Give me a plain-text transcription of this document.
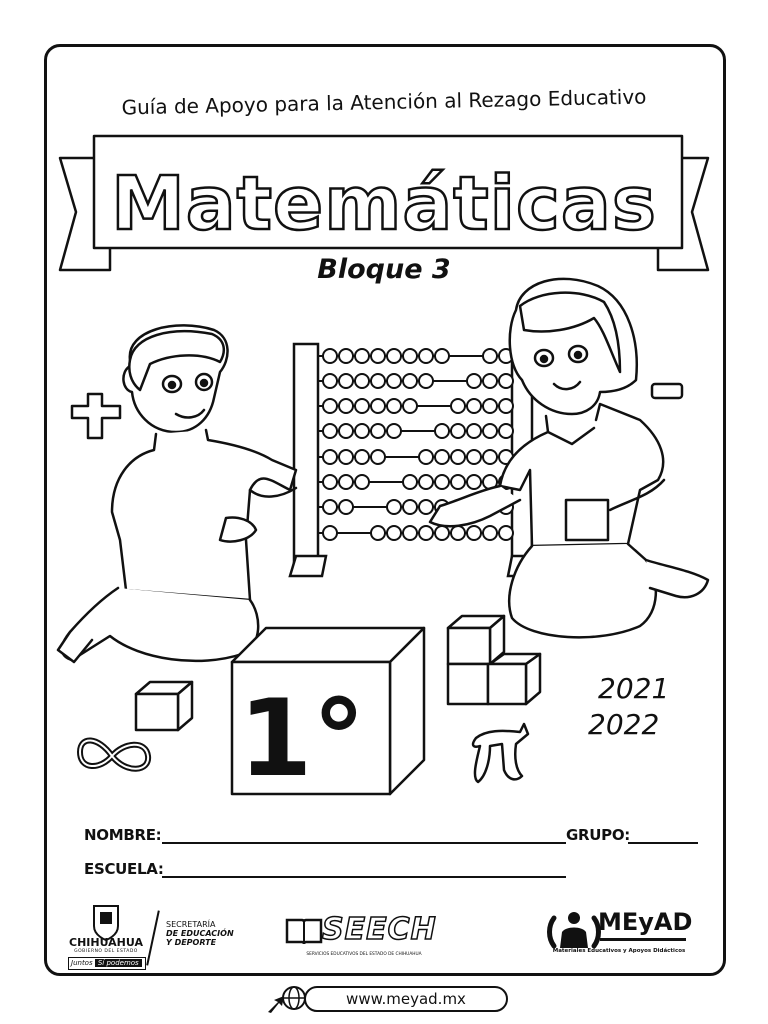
Guía de Apoyo para la Atención al Rezago Educativo
Matemáticas
1°
Bloque 3
2021
2022
NOMBRE:	GRUPO:
ESCUELA:
CHIHUAHUA
GOBIERNO DEL ESTADO
Juntos Sí podemos
SECRETARÍA
DE EDUCACIÓN
Y DEPORTE	SEECH
SERVICIOS EDUCATIVOS DEL ESTADO DE CHIHUAHUA
MEyAD
Materiales Educativos y Apoyos Didácticos
www.meyad.mx
